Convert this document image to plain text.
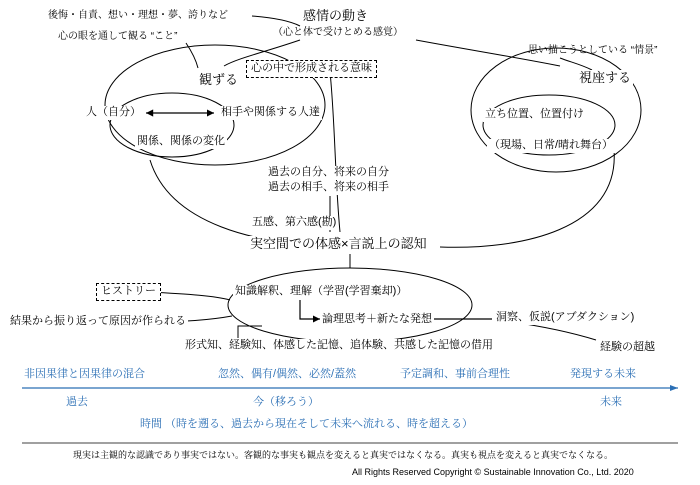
後悔・自責、想い・理想・夢、誇りなど	感情の動き
心の眼を通して観る “こと”	（心と体で受けとめる感覚）
思い描こうとしている “情景”
心の中で形成される意味
観ずる	視座する
人（自分）	相手や関係する人達	立ち位置、位置付け
関係、関係の変化	（現場、日常/晴れ舞台）
過去の自分、将来の自分
過去の相手、将来の相手
五感、第六感(勘)
実空間での体感×言説上の認知
ヒストリー	知識解釈、理解（学習(学習棄却)）
結果から振り返って原因が作られる	論理思考＋新たな発想	洞察、仮説(アブダクション)
形式知、経験知、体感した記憶、追体験、共感した記憶の借用	経験の超越
非因果律と因果律の混合	忽然、偶有/偶然、必然/蓋然	予定調和、事前合理性	発現する未来
過去	今（移ろう）	未来
時間 （時を遡る、過去から現在そして未来へ流れる、時を超える）
現実は主観的な認識であり事実ではない。客観的な事実も観点を変えると真実ではなくなる。真実も視点を変えると真実でなくなる。
All Rights Reserved Copyright © Sustainable Innovation Co., Ltd. 2020
